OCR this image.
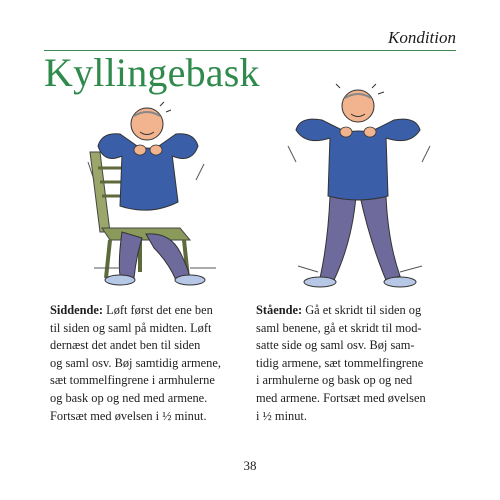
Kondition
Kyllingebask

Siddende: Løft først det ene ben
til siden og saml på midten. Løft
dernæst det andet ben til siden
og saml osv. Bøj samtidig armene,
sæt tommelfingrene i armhulerne
og bask op og ned med armene.
Fortsæt med øvelsen i ½ minut.

Stående: Gå et skridt til siden og
saml benene, gå et skridt til mod-
satte side og saml osv. Bøj sam-
tidig armene, sæt tommelfingrene
i armhulerne og bask op og ned
med armene. Fortsæt med øvelsen
i ½ minut.

38
